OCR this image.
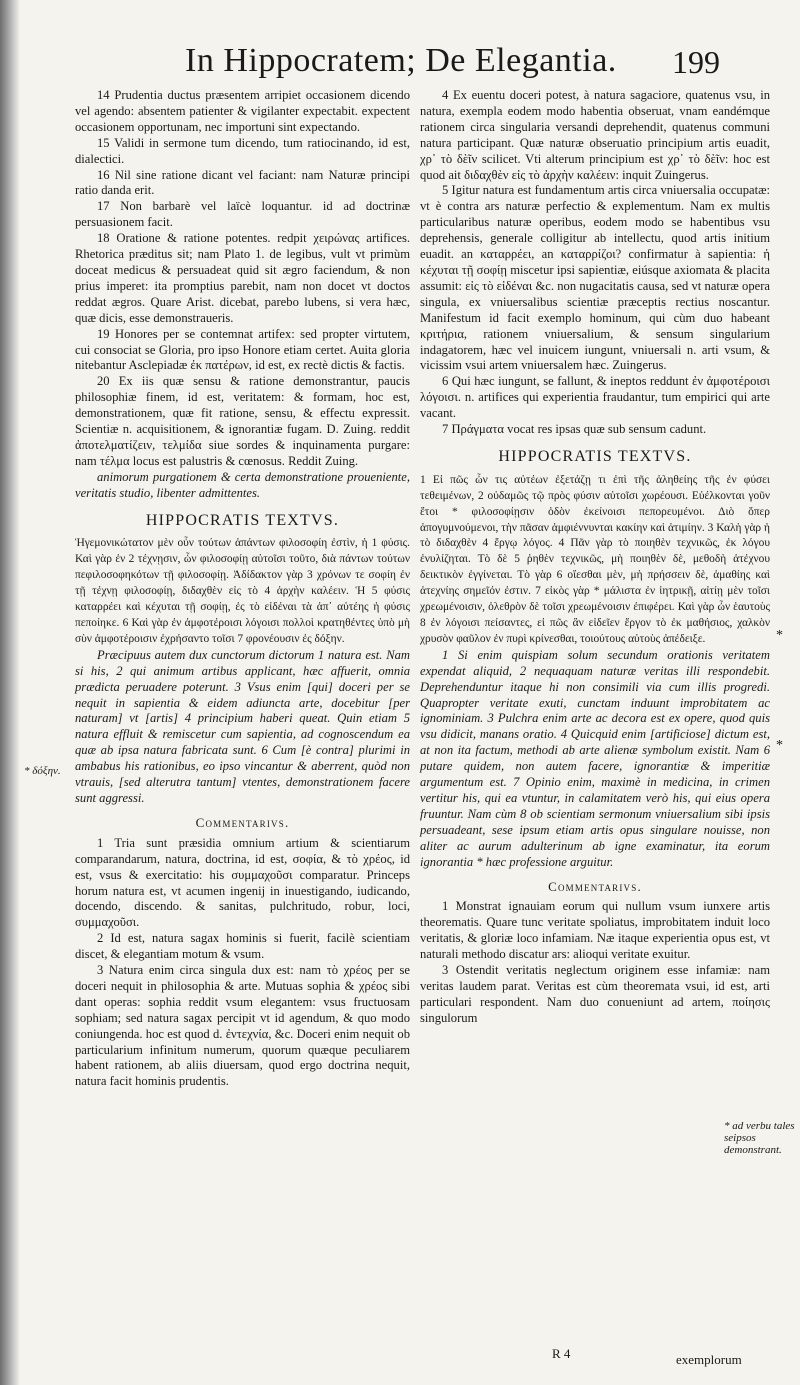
In Hippocratem; De Elegantia. 199

14 Prudentia ductus præsentem arripiet occasionem dicendo vel agendo: absentem patienter & vigilanter expectabit. expectent occasionem opportunam, nec importuni sint expectando.

15 Validi in sermone tum dicendo, tum ratiocinando, id est, dialectici.

16 Nil sine ratione dicant vel faciant: nam Naturæ principi ratio danda erit.

17 Non barbarè vel laïcè loquantur. id ad doctrinæ persuasionem facit.

18 Oratione & ratione potentes. redpit χειρώνας artifices. Rhetorica præditus sit; nam Plato 1. de legibus, vult vt primùm doceat medicus & persuadeat quid sit ægro faciendum, & non prius imperet: ita promptius parebit, nam non docet vt doctos reddat ægros. Quare Arist. dicebat, parebo lubens, si vera hæc, quæ dicis, esse demonstraueris.

19 Honores per se contemnat artifex: sed propter virtutem, cui consociat se Gloria, pro ipso Honore etiam certet. Auita gloria nitebantur Asclepiadæ ἐκ πατέρων, id est, ex rectè dictis & factis.

20 Ex iis quæ sensu & ratione demonstrantur, paucis philosophiæ finem, id est, veritatem: & formam, hoc est, demonstrationem, quæ fit ratione, sensu, & effectu expressit. Scientiæ n. acquisitionem, & ignorantiæ fugam. D. Zuing. reddit ἀποτελματίζειν, τελμίδα siue sordes & inquinamenta purgare: nam τέλμα locus est palustris & cœnosus. Reddit Zuing.

animorum purgationem & certa demonstratione proueniente, veritatis studio, libenter admittentes.

HIPPOCRATIS TEXTVS.

Ἡγεμονικώτατον μὲν οὖν τούτων ἁπάντων φιλοσοφίη ἐστὶν, ἡ 1 φύσις. Καὶ γὰρ ἐν 2 τέχνῃσιν, ὧν φιλοσοφίῃ αὐτοῖσι τοῦτο, διὰ πάντων τούτων πεφιλοσοφηκότων τῇ φιλοσοφίῃ. Ἀδίδακτον γὰρ 3 χρόνων τε σοφίη ἐν τῇ τέχνῃ φιλοσοφίῃ, διδαχθὲν εἰς τὸ 4 ἀρχὴν καλέειν. Ἡ 5 φύσις καταρρέει καὶ κέχυται τῇ σοφίῃ, ἐς τὸ εἰδέναι τὰ ἀπ᾽ αὐτέης ἡ φύσις πεποίηκε. 6 Καὶ γὰρ ἐν ἀμφοτέροισι λόγοισι πολλοὶ κρατηθέντες ὑπὸ μὴ σὺν ἀμφοτέροισιν ἐχρήσαντο τοῖσι 7 φρονέουσιν ἐς δόξην.

Præcipuus autem dux cunctorum dictorum 1 natura est. Nam si his, 2 qui animum artibus applicant, hæc affuerit, omnia prædicta peruadere poterunt. 3 Vsus enim [qui] doceri per se nequit in sapientia & eidem adiuncta arte, docebitur [per naturam] vt [artis] 4 principium haberi queat. Quin etiam 5 natura effluit & remiscetur cum sapientia, ad cognoscendum ea quæ ab ipsa natura fabricata sunt. 6 Cum [è contra] plurimi in ambabus his rationibus, eo ipso vincantur & aberrent, quòd non vtrauis, [sed alterutra tantum] vtentes, demonstrationem facere sunt aggressi.

Commentarivs.

1 Tria sunt præsidia omnium artium & scientiarum comparandarum, natura, doctrina, id est, σοφία, & τὸ χρέος, id est, vsus & exercitatio: his συμμαχοῦσι comparatur. Princeps horum natura est, vt acumen ingenij in inuestigando, iudicando, docendo, discendo. & sanitas, pulchritudo, robur, loci, συμμαχοῦσι.

2 Id est, natura sagax hominis si fuerit, facilè scientiam discet, & elegantiam motum & vsum.

3 Natura enim circa singula dux est: nam τὸ χρέος per se doceri nequit in philosophia & arte. Mutuas sophia & χρέος sibi dant operas: sophia reddit vsum elegantem: vsus fructuosam sophiam; sed natura sagax percipit vt id agendum, & quo modo coniungenda. hoc est quod d. ἐντεχνία, &c. Doceri enim nequit ob particularium infinitum numerum, quorum quæque peculiarem habent rationem, ab aliis diuersam, quod ergo doctrina nequit, natura facit hominis prudentis.

4 Ex euentu doceri potest, à natura sagaciore, quatenus vsu, in natura, exempla eodem modo habentia obseruat, vnam eandémque rationem circa singularia versandi deprehendit, quatenus communi natura participant. Quæ naturæ obseruatio principium artis euadit, χρ᾽ τὸ δὲῖν scilicet. Vti alterum principium est χρ᾽ τὸ δὲῖν: hoc est quod ait διδαχθὲν εἰς τὸ ἀρχὴν καλέειν: inquit Zuingerus.

5 Igitur natura est fundamentum artis circa vniuersalia occupatæ: vt è contra ars naturæ perfectio & explementum. Nam ex multis particularibus naturæ operibus, eodem modo se habentibus vsu deprehensis, generale colligitur ab intellectu, quod artis initium euadit. an καταρρέει, an καταρρίζοι? confirmatur à sapientia: ἡ κέχυται τῇ σοφίῃ miscetur ipsi sapientiæ, eiúsque axiomata & placita assumit: εἰς τὸ εἰδέναι &c. non nugacitatis causa, sed vt naturæ opera singula, ex vniuersalibus scientiæ præceptis rectius noscantur. Manifestum id facit exemplo hominum, qui cùm duo habeant κριτήρια, rationem vniuersalium, & sensum singularium indagatorem, hæc vel inuicem iungunt, vniuersali n. arti vsum, & vicissim vsui artem vniuersalem hæc. Zuingerus.

6 Qui hæc iungunt, se fallunt, & ineptos reddunt ἐν ἀμφοτέροισι λόγοισι. n. artifices qui experientia fraudantur, tum empirici qui arte vacant.

7 Πράγματα vocat res ipsas quæ sub sensum cadunt.

HIPPOCRATIS TEXTVS.

1 Εἰ πῶς ὦν τις αὐτέων ἐξετάζῃ τι ἐπὶ τῆς ἀληθείης τῆς ἐν φύσει τεθειμένων, 2 οὐδαμῶς τῷ πρὸς φύσιν αὐτοῖσι χωρέουσι. Εὐέλκονται γοῦν ἔτοι * φιλοσοφίῃσιν ὁδὸν ἐκείνοισι πεπορευμένοι. Διὸ ὅπερ ἀπογυμνούμενοι, τὴν πᾶσαν ἀμφιέννυνται κακίην καὶ ἀτιμίην. 3 Καλὴ γὰρ ἡ τὸ διδαχθὲν 4 ἔργῳ λόγος. 4 Πᾶν γὰρ τὸ ποιηθὲν τεχνικῶς, ἐκ λόγου ἐνυλίζηται. Τὸ δὲ 5 ῥηθὲν τεχνικῶς, μὴ ποιηθὲν δὲ, μεθοδὴ ἀτέχνου δεικτικὸν ἐγγίνεται. Τὸ γὰρ 6 οἴεσθαι μὲν, μὴ πρήσσειν δὲ, ἀμαθίης καὶ ἀτεχνίης σημεῖόν ἐστιν. 7 εἰκὸς γὰρ * μάλιστα ἐν ἰητρικῇ, αἰτίῃ μὲν τοῖσι χρεωμένοισιν, ὀλεθρὸν δὲ τοῖσι χρεωμένοισιν ἐπιφέρει. Καὶ γὰρ ὦν ἑαυτοὺς 8 ἐν λόγοισι πείσαντες, εἰ πῶς ἂν εἰδεῖεν ἔργον τὸ ἐκ μαθήσιος, χαλκὸν χρυσὸν φαῦλον ἐν πυρὶ κρίνεσθαι, τοιούτους αὐτοὺς ἀπέδειξε.

1 Si enim quispiam solum secundum orationis veritatem expendat aliquid, 2 nequaquam naturæ veritas illi respondebit. Deprehenduntur itaque hi non consimili via cum illis progredi. Quapropter veritate exuti, cunctam induunt improbitatem ac ignominiam. 3 Pulchra enim arte ac decora est ex opere, quod quis vsu didicit, manans oratio. 4 Quicquid enim [artificiose] dictum est, at non ita factum, methodi ab arte alienæ symbolum existit. Nam 6 putare quidem, non autem facere, ignorantiæ & imperitiæ argumentum est. 7 Opinio enim, maximè in medicina, in crimen vertitur his, qui ea vtuntur, in calamitatem verò his, qui eius opera fruuntur. Nam cùm 8 ob scientiam sermonum vniuersalium sibi ipsis persuadeant, sese ipsum etiam artis opus singulare nouisse, non aliter ac aurum adulterinum ab igne examinatur, ita eorum ignorantia * hæc professione arguitur.

Commentarivs.

1 Monstrat ignauiam eorum qui nullum vsum iunxere artis theorematis. Quare tunc veritate spoliatus, improbitatem induit loco veritatis, & gloriæ loco infamiam. Næ itaque experientia opus est, vt naturali methodo discatur ars: alioqui veritate exuitur.

3 Ostendit veritatis neglectum originem esse infamiæ: nam veritas laudem parat. Veritas est cùm theoremata vsui, id est, arti particulari respondent. Nam duo conueniunt ad artem, ποίησις singulorum

* δόξην.
*
*
* ad verbu tales seipsos demonstrant.
R 4	exemplorum
